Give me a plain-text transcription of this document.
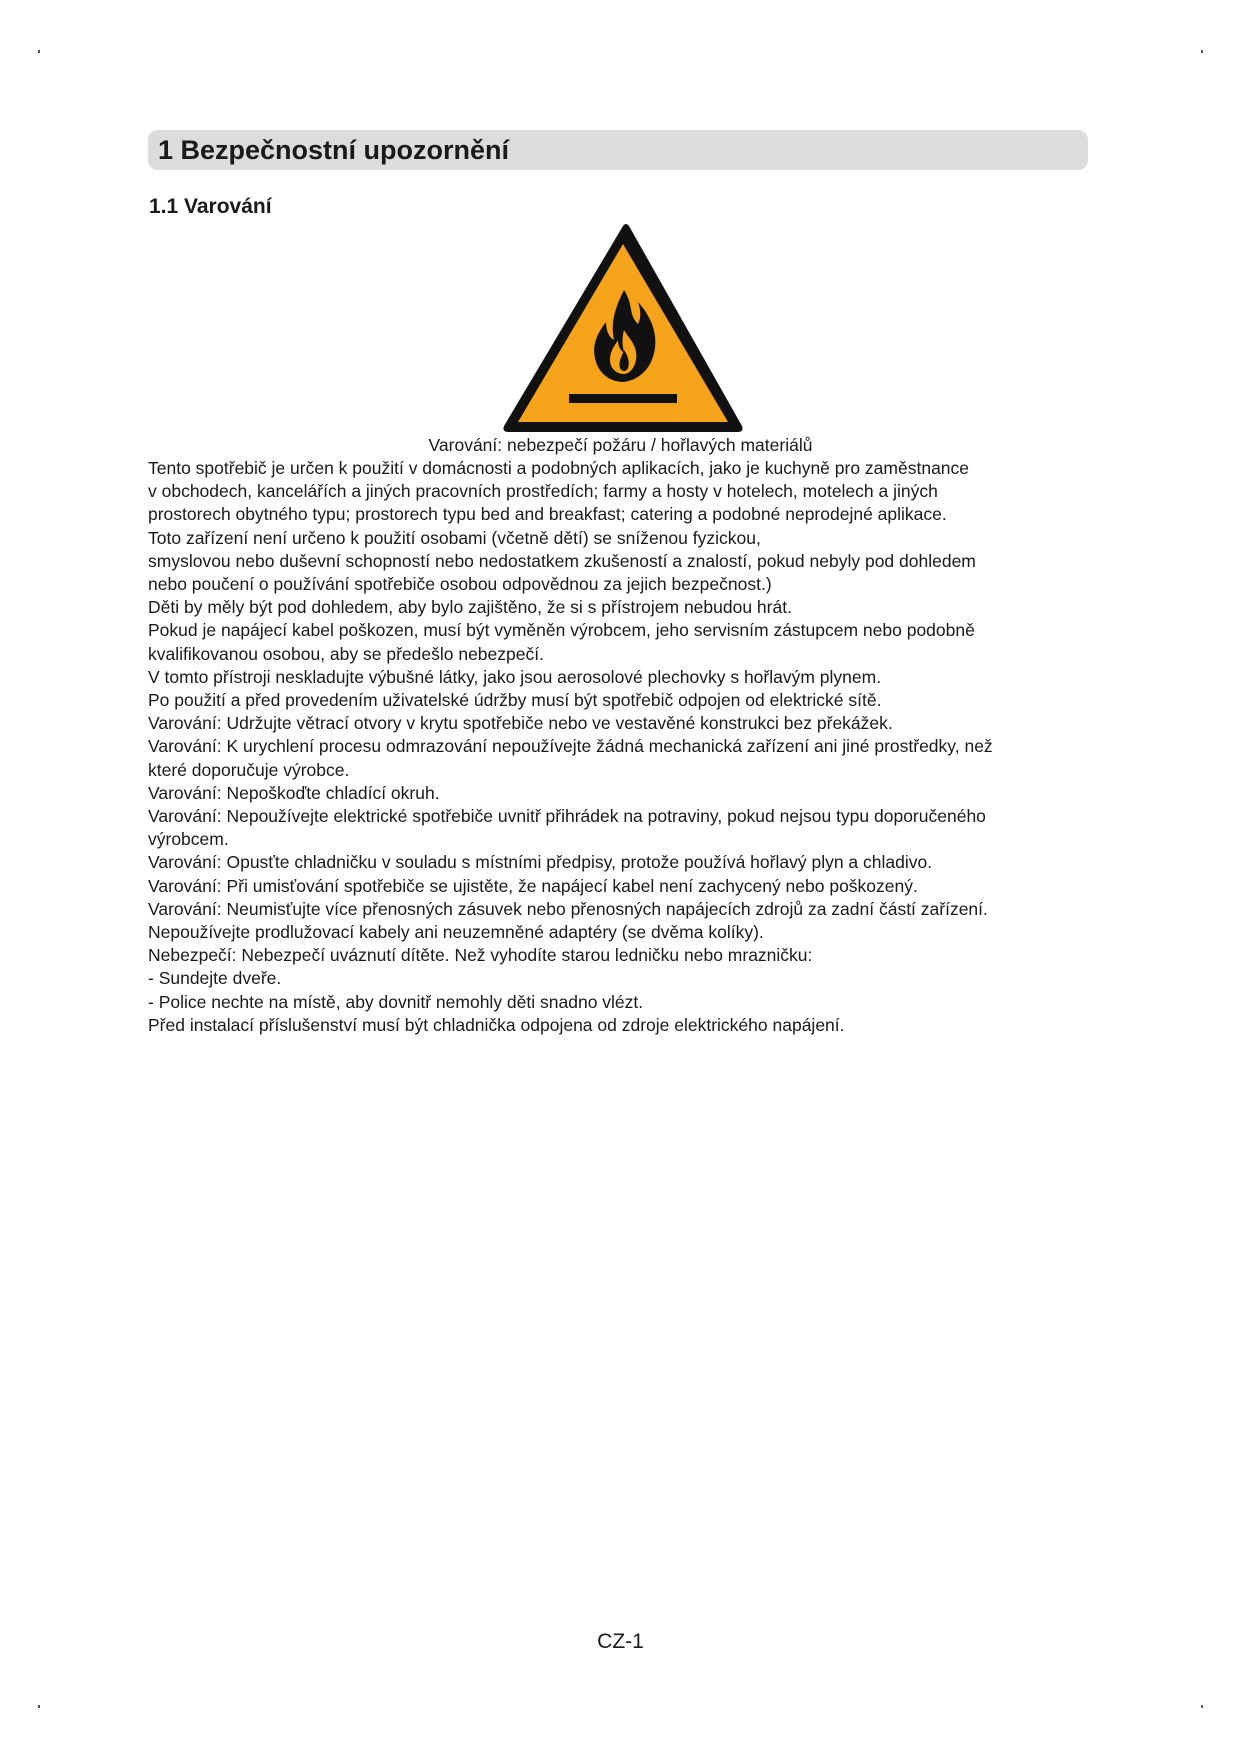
1 Bezpečnostní upozornění
1.1 Varování
Varování: nebezpečí požáru / hořlavých materiálů
Tento spotřebič je určen k použití v domácnosti a podobných aplikacích, jako je kuchyně pro zaměstnance
v obchodech, kancelářích a jiných pracovních prostředích; farmy a hosty v hotelech, motelech a jiných
prostorech obytného typu; prostorech typu bed and breakfast; catering a podobné neprodejné aplikace.
Toto zařízení není určeno k použití osobami (včetně dětí) se sníženou fyzickou,
smyslovou nebo duševní schopností nebo nedostatkem zkušeností a znalostí, pokud nebyly pod dohledem
nebo poučení o používání spotřebiče osobou odpovědnou za jejich bezpečnost.)
Děti by měly být pod dohledem, aby bylo zajištěno, že si s přístrojem nebudou hrát.
Pokud je napájecí kabel poškozen, musí být vyměněn výrobcem, jeho servisním zástupcem nebo podobně
kvalifikovanou osobou, aby se předešlo nebezpečí.
V tomto přístroji neskladujte výbušné látky, jako jsou aerosolové plechovky s hořlavým plynem.
Po použití a před provedením uživatelské údržby musí být spotřebič odpojen od elektrické sítě.
Varování: Udržujte větrací otvory v krytu spotřebiče nebo ve vestavěné konstrukci bez překážek.
Varování: K urychlení procesu odmrazování nepoužívejte žádná mechanická zařízení ani jiné prostředky, než
které doporučuje výrobce.
Varování: Nepoškoďte chladící okruh.
Varování: Nepoužívejte elektrické spotřebiče uvnitř přihrádek na potraviny, pokud nejsou typu doporučeného
výrobcem.
Varování: Opusťte chladničku v souladu s místními předpisy, protože používá hořlavý plyn a chladivo.
Varování: Při umisťování spotřebiče se ujistěte, že napájecí kabel není zachycený nebo poškozený.
Varování: Neumisťujte více přenosných zásuvek nebo přenosných napájecích zdrojů za zadní částí zařízení.
Nepoužívejte prodlužovací kabely ani neuzemněné adaptéry (se dvěma kolíky).
Nebezpečí: Nebezpečí uváznutí dítěte. Než vyhodíte starou ledničku nebo mrazničku:
- Sundejte dveře.
- Police nechte na místě, aby dovnitř nemohly děti snadno vlézt.
Před instalací příslušenství musí být chladnička odpojena od zdroje elektrického napájení.
CZ-1
